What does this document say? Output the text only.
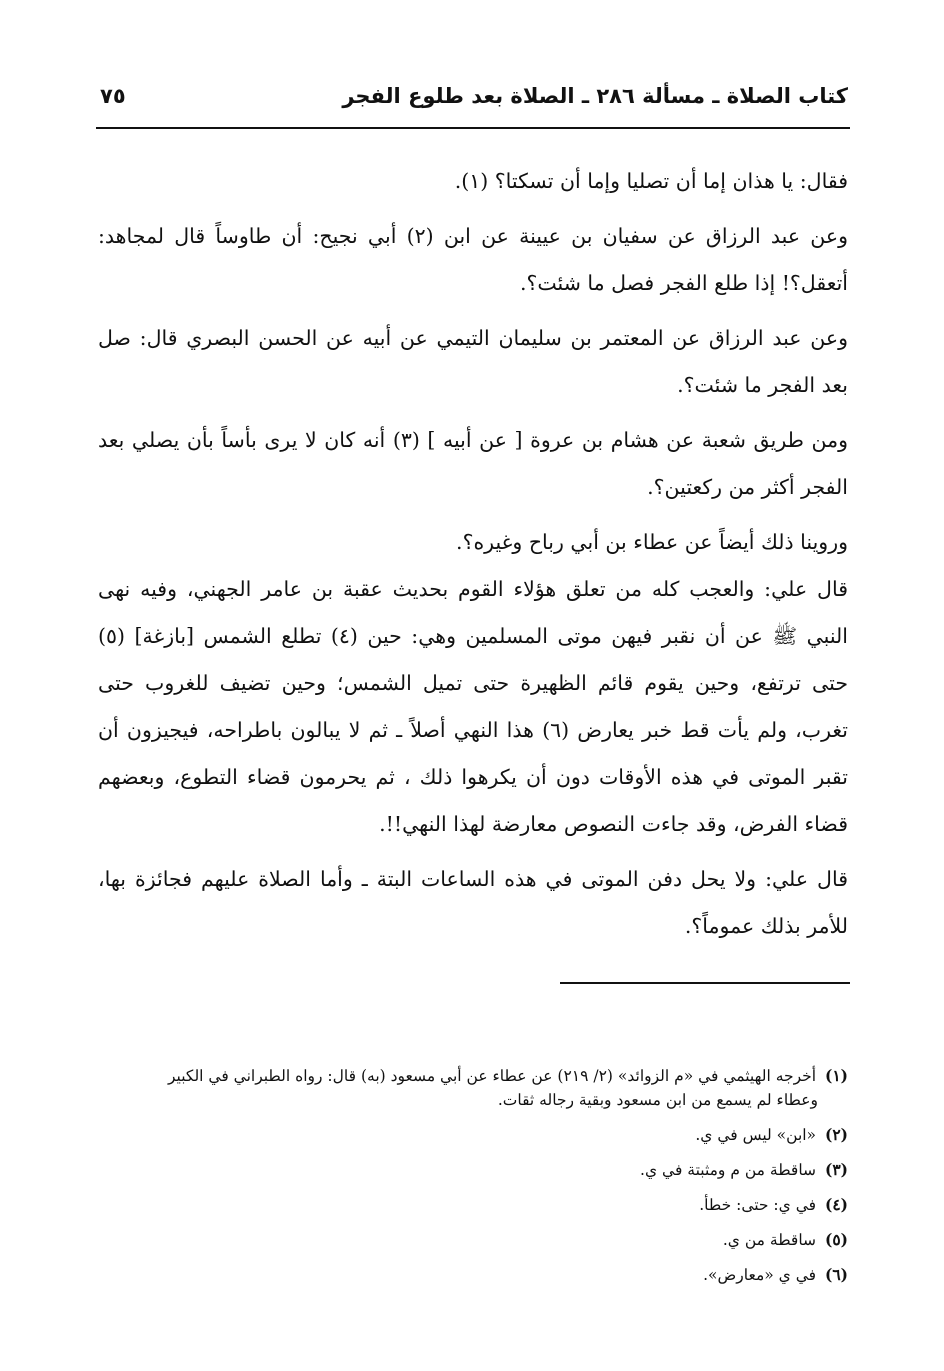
كتاب الصلاة ـ مسألة ٢٨٦ ـ الصلاة بعد طلوع الفجر
٧٥

فقال: يا هذان إما أن تصليا وإما أن تسكتا؟ (١).

وعن عبد الرزاق عن سفيان بن عيينة عن ابن (٢) أبي نجيح: أن طاوساً قال لمجاهد: أتعقل؟! إذا طلع الفجر فصل ما شئت؟.

وعن عبد الرزاق عن المعتمر بن سليمان التيمي عن أبيه عن الحسن البصري قال: صل بعد الفجر ما شئت؟.

ومن طريق شعبة عن هشام بن عروة [ عن أبيه ] (٣) أنه كان لا يرى بأساً بأن يصلي بعد الفجر أكثر من ركعتين؟.

وروينا ذلك أيضاً عن عطاء بن أبي رباح وغيره؟.

قال علي: والعجب كله من تعلق هؤلاء القوم بحديث عقبة بن عامر الجهني، وفيه نهى النبي ﷺ عن أن نقبر فيهن موتى المسلمين وهي: حين (٤) تطلع الشمس [بازغة] (٥) حتى ترتفع، وحين يقوم قائم الظهيرة حتى تميل الشمس؛ وحين تضيف للغروب حتى تغرب، ولم يأت قط خبر يعارض (٦) هذا النهي أصلاً ـ ثم لا يبالون باطراحه، فيجيزون أن تقبر الموتى في هذه الأوقات دون أن يكرهوا ذلك ، ثم يحرمون قضاء التطوع، وبعضهم قضاء الفرض، وقد جاءت النصوص معارضة لهذا النهي!!.

قال علي: ولا يحل دفن الموتى في هذه الساعات البتة ـ وأما الصلاة عليهم فجائزة بها، للأمر بذلك عموماً؟.

(١) أخرجه الهيثمي في «م الزوائد» (٢/ ٢١٩) عن عطاء عن أبي مسعود (به) قال: رواه الطبراني في الكبير
وعطاء لم يسمع من ابن مسعود وبقية رجاله ثقات.
(٢) «ابن» ليس في ي.
(٣) ساقطة من م ومثبتة في ي.
(٤) في ي: حتى: خطأ.
(٥) ساقطة من ي.
(٦) في ي «معارض».
